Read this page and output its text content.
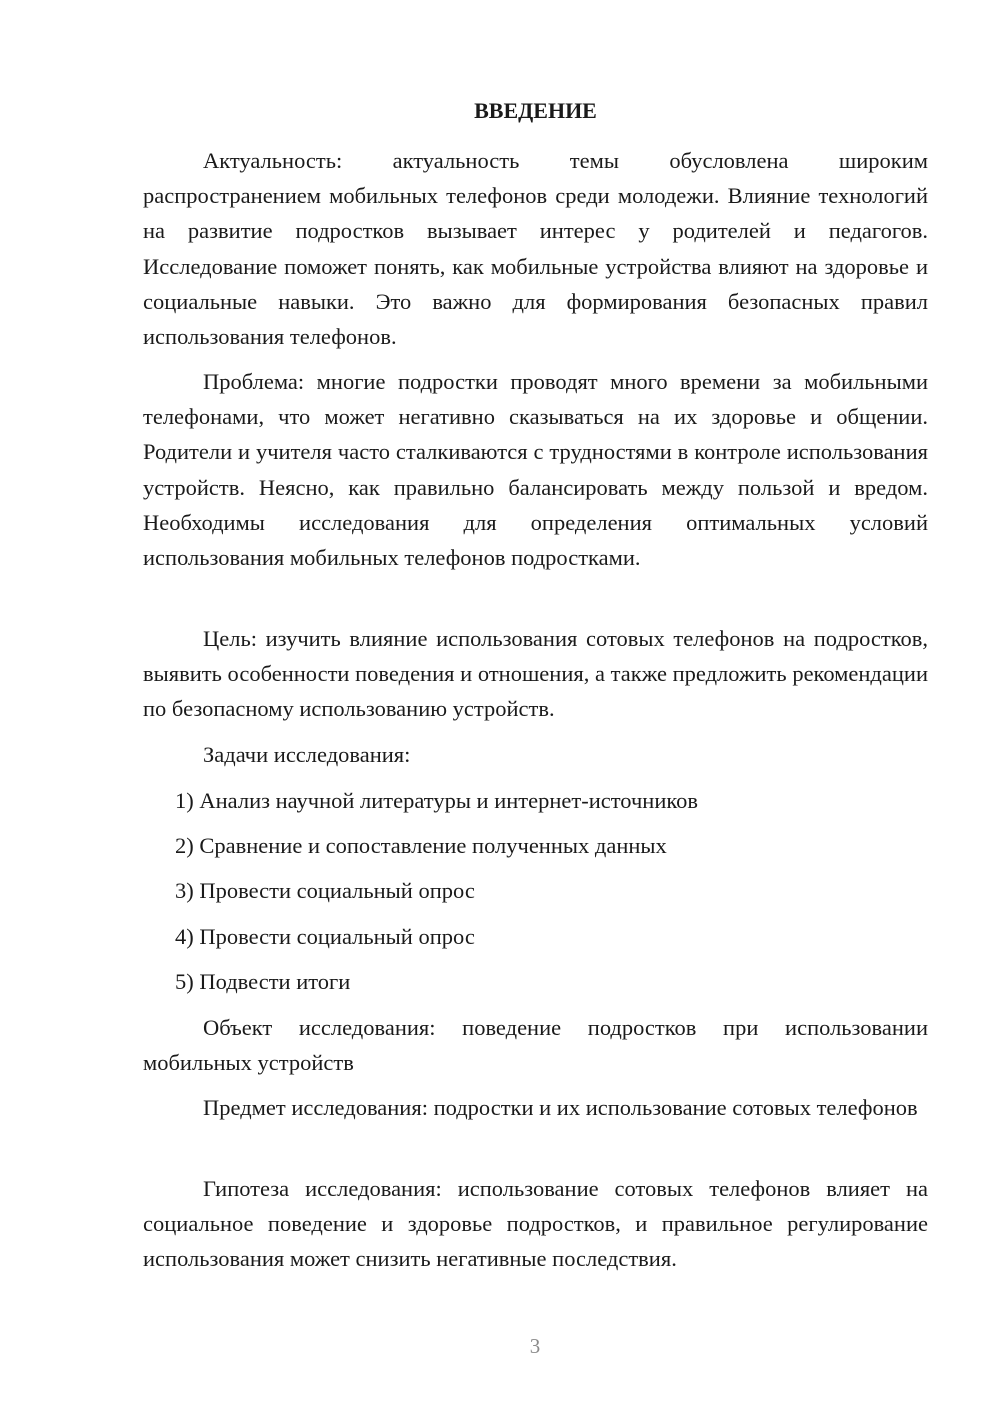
ВВЕДЕНИЕ

Актуальность: актуальность темы обусловлена широким распространением мобильных телефонов среди молодежи. Влияние технологий на развитие подростков вызывает интерес у родителей и педагогов. Исследование поможет понять, как мобильные устройства влияют на здоровье и социальные навыки. Это важно для формирования безопасных правил использования телефонов.

Проблема: многие подростки проводят много времени за мобильными телефонами, что может негативно сказываться на их здоровье и общении. Родители и учителя часто сталкиваются с трудностями в контроле использования устройств. Неясно, как правильно балансировать между пользой и вредом. Необходимы исследования для определения оптимальных условий использования мобильных телефонов подростками.

Цель: изучить влияние использования сотовых телефонов на подростков, выявить особенности поведения и отношения, а также предложить рекомендации по безопасному использованию устройств.

Задачи исследования:

1) Анализ научной литературы и интернет-источников

2) Сравнение и сопоставление полученных данных

3) Провести социальный опрос

4) Провести социальный опрос

5) Подвести итоги

Объект исследования: поведение подростков при использовании мобильных устройств

Предмет исследования: подростки и их использование сотовых телефонов

Гипотеза исследования: использование сотовых телефонов влияет на социальное поведение и здоровье подростков, и правильное регулирование использования может снизить негативные последствия.

3
